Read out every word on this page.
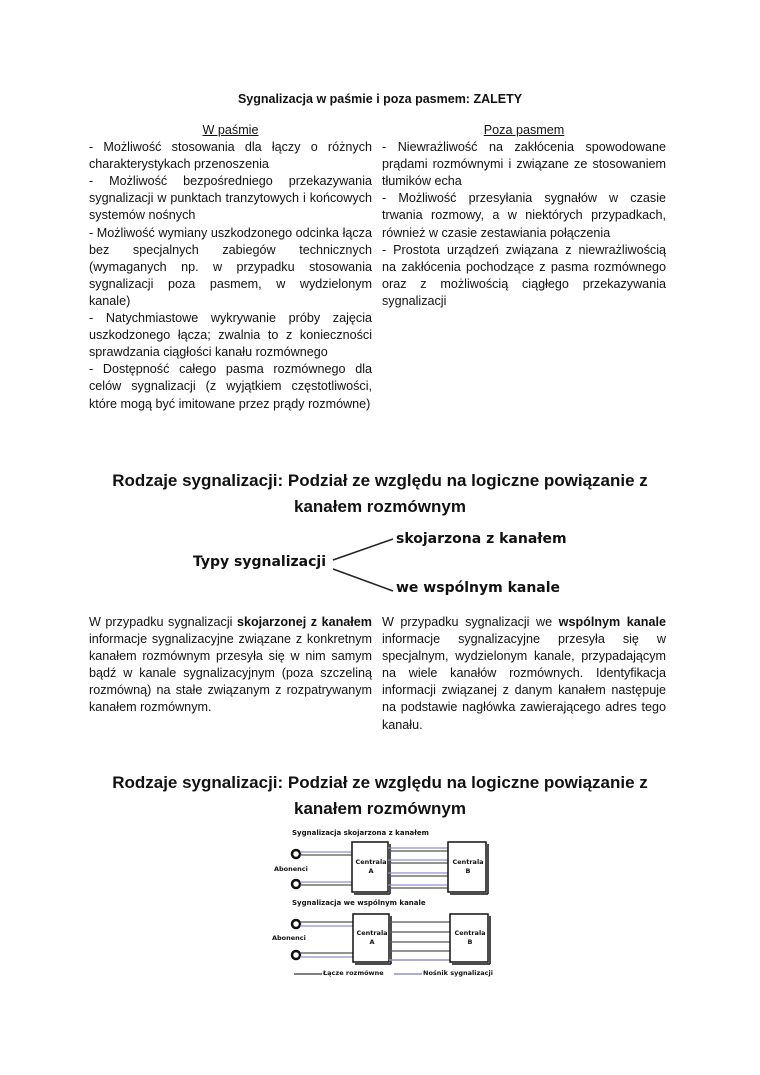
Sygnalizacja w paśmie i poza pasmem: ZALETY
W paśmie

- Możliwość stosowania dla łączy o różnych charakterystykach przenoszenia

- Możliwość bezpośredniego przekazywania sygnalizacji w punktach tranzytowych i końcowych systemów nośnych

- Możliwość wymiany uszkodzonego odcinka łącza bez specjalnych zabiegów technicznych (wymaganych np. w przypadku stosowania sygnalizacji poza pasmem, w wydzielonym kanale)

- Natychmiastowe wykrywanie próby zajęcia uszkodzonego łącza; zwalnia to z konieczności sprawdzania ciągłości kanału rozmównego

- Dostępność całego pasma rozmównego dla celów sygnalizacji (z wyjątkiem częstotliwości, które mogą być imitowane przez prądy rozmówne)

Poza pasmem

- Niewrażliwość na zakłócenia spowodowane prądami rozmównymi i związane ze stosowaniem tłumików echa

- Możliwość przesyłania sygnałów w czasie trwania rozmowy, a w niektórych przypadkach, również w czasie zestawiania połączenia

- Prostota urządzeń związana z niewrażliwością na zakłócenia pochodzące z pasma rozmównego oraz z możliwością ciągłego przekazywania sygnalizacji

Rodzaje sygnalizacji: Podział ze względu na logiczne powiązanie z kanałem rozmównym
Typy sygnalizacji
skojarzona z kanałem
we wspólnym kanale

W przypadku sygnalizacji skojarzonej z kanałem informacje sygnalizacyjne związane z konkretnym kanałem rozmównym przesyła się w nim samym bądź w kanale sygnalizacyjnym (poza szczeliną rozmówną) na stałe związanym z rozpatrywanym kanałem rozmównym.

W przypadku sygnalizacji we wspólnym kanale informacje sygnalizacyjne przesyła się w specjalnym, wydzielonym kanale, przypadającym na wiele kanałów rozmównych. Identyfikacja informacji związanej z danym kanałem następuje na podstawie nagłówka zawierającego adres tego kanału.

Rodzaje sygnalizacji: Podział ze względu na logiczne powiązanie z kanałem rozmównym
Sygnalizacja skojarzona z kanałem
Abonenci
Centrala
A
Centrala
B
Sygnalizacja we wspólnym kanale
Abonenci
Centrala
A
Centrala
B
Łącze rozmówne	Nośnik sygnalizacji
